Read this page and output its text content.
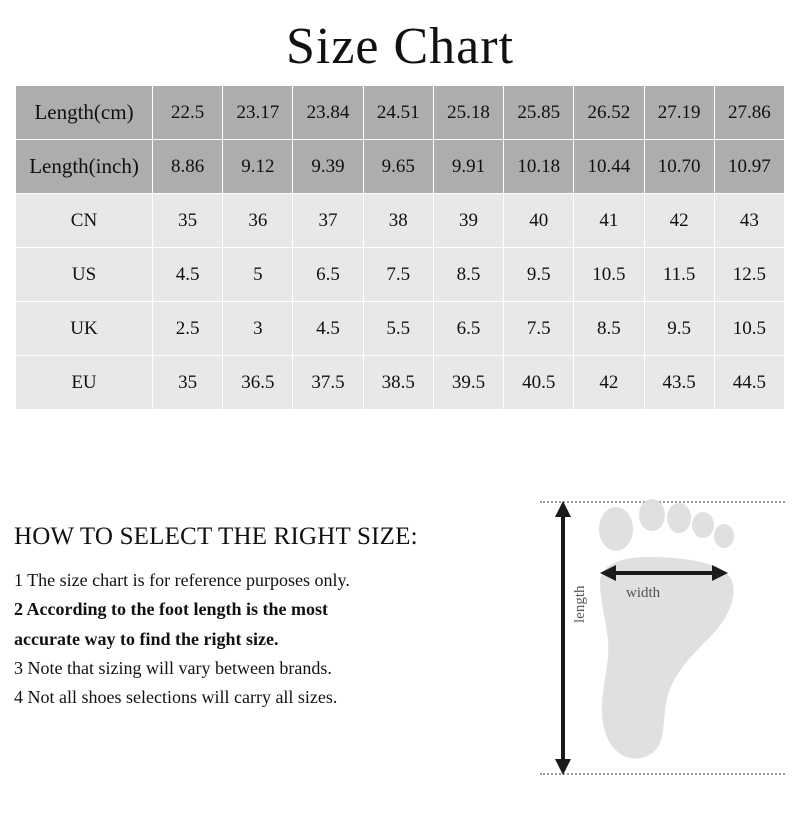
Size Chart
Length(cm)	22.5	23.17	23.84	24.51	25.18	25.85	26.52	27.19	27.86
Length(inch)	8.86	9.12	9.39	9.65	9.91	10.18	10.44	10.70	10.97
CN	35	36	37	38	39	40	41	42	43
US	4.5	5	6.5	7.5	8.5	9.5	10.5	11.5	12.5
UK	2.5	3	4.5	5.5	6.5	7.5	8.5	9.5	10.5
EU	35	36.5	37.5	38.5	39.5	40.5	42	43.5	44.5
HOW TO SELECT THE RIGHT SIZE:
1 The size chart is for reference purposes only.
2 According to the foot length is the most
accurate way to find the right size.
3 Note that sizing will vary between brands.
4 Not all shoes selections will carry all sizes.
width
length
